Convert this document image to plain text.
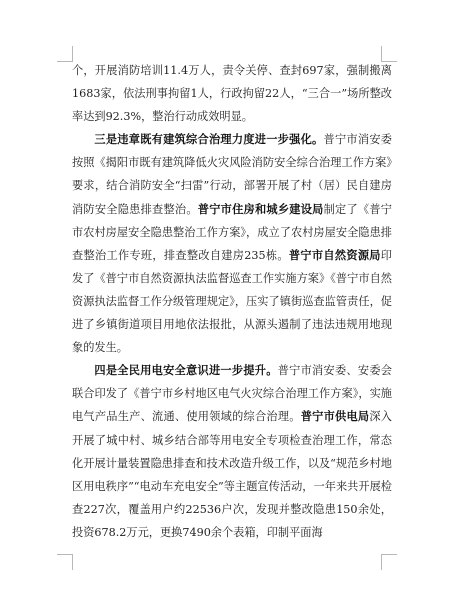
个，开展消防培训11.4万人，责令关停、查封697家，强制搬离1683家，依法刑事拘留1人，行政拘留22人，“三合一”场所整改率达到92.3%，整治行动成效明显。

三是违章既有建筑综合治理力度进一步强化。普宁市消安委按照《揭阳市既有建筑降低火灾风险消防安全综合治理工作方案》要求，结合消防安全“扫雷”行动，部署开展了村（居）民自建房消防安全隐患排查整治。普宁市住房和城乡建设局制定了《普宁市农村房屋安全隐患整治工作方案》，成立了农村房屋安全隐患排查整治工作专班，排查整改自建房235栋。普宁市自然资源局印发了《普宁市自然资源执法监督巡查工作实施方案》《普宁市自然资源执法监督工作分级管理规定》，压实了镇街巡查监管责任，促进了乡镇街道项目用地依法报批，从源头遏制了违法违规用地现象的发生。

四是全民用电安全意识进一步提升。普宁市消安委、安委会联合印发了《普宁市乡村地区电气火灾综合治理工作方案》，实施电气产品生产、流通、使用领域的综合治理。普宁市供电局深入开展了城中村、城乡结合部等用电安全专项检查治理工作，常态化开展计量装置隐患排查和技术改造升级工作，以及“规范乡村地区用电秩序”“电动车充电安全”等主题宣传活动，一年来共开展检查227次，覆盖用户约22536户次，发现并整改隐患150余处，投资678.2万元，更换7490余个表箱，印制平面海
